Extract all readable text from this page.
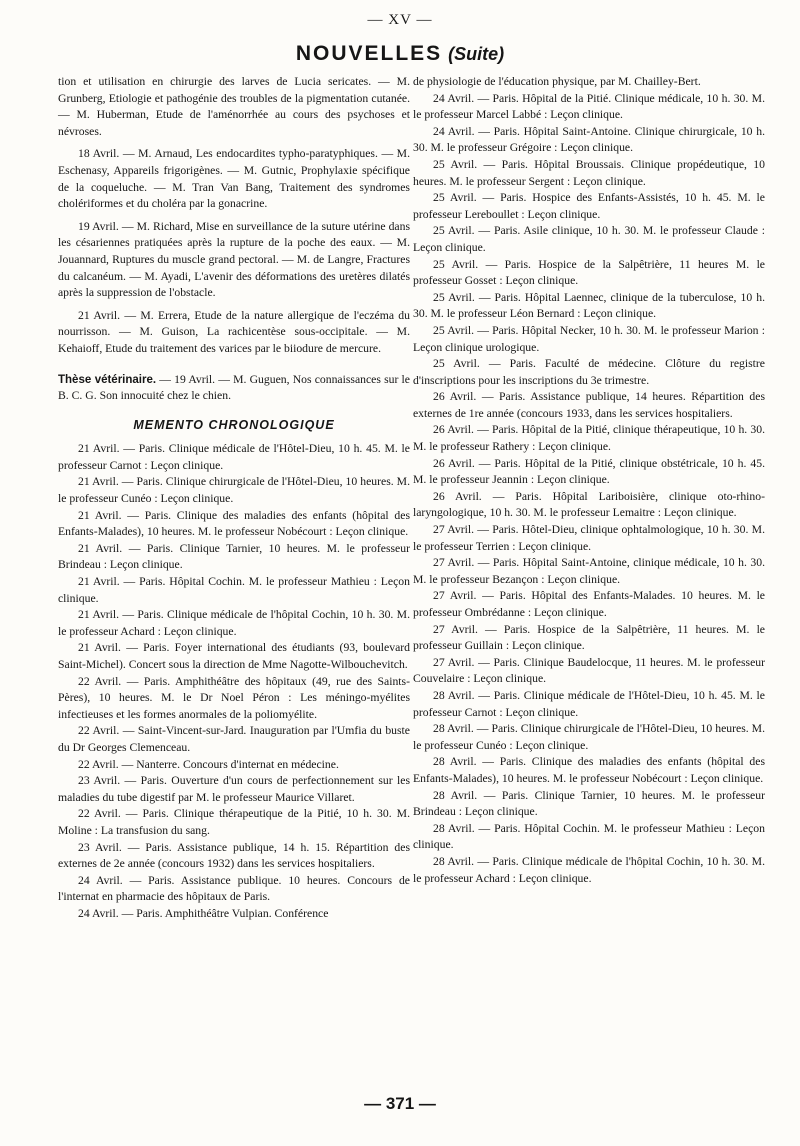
— XV —
NOUVELLES (Suite)

tion et utilisation en chirurgie des larves de Lucia sericates. — M. Grunberg, Etiologie et pathogénie des troubles de la pigmentation cutanée. — M. Huberman, Etude de l'aménorrhée au cours des psychoses et névroses.

18 Avril. — M. Arnaud, Les endocardites typho-paratyphiques. — M. Eschenasy, Appareils frigorigènes. — M. Gutnic, Prophylaxie spécifique de la coqueluche. — M. Tran Van Bang, Traitement des syndromes cholériformes et du choléra par la gonacrine.

19 Avril. — M. Richard, Mise en surveillance de la suture utérine dans les césariennes pratiquées après la rupture de la poche des eaux. — M. Jouannard, Ruptures du muscle grand pectoral. — M. de Langre, Fractures du calcanéum. — M. Ayadi, L'avenir des déformations des uretères dilatés après la suppression de l'obstacle.

21 Avril. — M. Errera, Etude de la nature allergique de l'eczéma du nourrisson. — M. Guison, La rachicentèse sous-occipitale. — M. Kehaioff, Etude du traitement des varices par le biiodure de mercure.

Thèse vétérinaire. — 19 Avril. — M. Guguen, Nos connaissances sur le B. C. G. Son innocuité chez le chien.

MEMENTO CHRONOLOGIQUE

21 Avril. — Paris. Clinique médicale de l'Hôtel-Dieu, 10 h. 45. M. le professeur Carnot : Leçon clinique.

21 Avril. — Paris. Clinique chirurgicale de l'Hôtel-Dieu, 10 heures. M. le professeur Cunéo : Leçon clinique.

21 Avril. — Paris. Clinique des maladies des enfants (hôpital des Enfants-Malades), 10 heures. M. le professeur Nobécourt : Leçon clinique.

21 Avril. — Paris. Clinique Tarnier, 10 heures. M. le professeur Brindeau : Leçon clinique.

21 Avril. — Paris. Hôpital Cochin. M. le professeur Mathieu : Leçon clinique.

21 Avril. — Paris. Clinique médicale de l'hôpital Cochin, 10 h. 30. M. le professeur Achard : Leçon clinique.

21 Avril. — Paris. Foyer international des étudiants (93, boulevard Saint-Michel). Concert sous la direction de Mme Nagotte-Wilbouchevitch.

22 Avril. — Paris. Amphithéâtre des hôpitaux (49, rue des Saints-Pères), 10 heures. M. le Dr Noel Péron : Les méningo-myélites infectieuses et les formes anormales de la poliomyélite.

22 Avril. — Saint-Vincent-sur-Jard. Inauguration par l'Umfia du buste du Dr Georges Clemenceau.

22 Avril. — Nanterre. Concours d'internat en médecine.

23 Avril. — Paris. Ouverture d'un cours de perfectionnement sur les maladies du tube digestif par M. le professeur Maurice Villaret.

22 Avril. — Paris. Clinique thérapeutique de la Pitié, 10 h. 30. M. Moline : La transfusion du sang.

23 Avril. — Paris. Assistance publique, 14 h. 15. Répartition des externes de 2e année (concours 1932) dans les services hospitaliers.

24 Avril. — Paris. Assistance publique. 10 heures. Concours de l'internat en pharmacie des hôpitaux de Paris.

24 Avril. — Paris. Amphithéâtre Vulpian. Conférence

de physiologie de l'éducation physique, par M. Chailley-Bert.

24 Avril. — Paris. Hôpital de la Pitié. Clinique médicale, 10 h. 30. M. le professeur Marcel Labbé : Leçon clinique.

24 Avril. — Paris. Hôpital Saint-Antoine. Clinique chirurgicale, 10 h. 30. M. le professeur Grégoire : Leçon clinique.

25 Avril. — Paris. Hôpital Broussais. Clinique propédeutique, 10 heures. M. le professeur Sergent : Leçon clinique.

25 Avril. — Paris. Hospice des Enfants-Assistés, 10 h. 45. M. le professeur Lereboullet : Leçon clinique.

25 Avril. — Paris. Asile clinique, 10 h. 30. M. le professeur Claude : Leçon clinique.

25 Avril. — Paris. Hospice de la Salpêtrière, 11 heures M. le professeur Gosset : Leçon clinique.

25 Avril. — Paris. Hôpital Laennec, clinique de la tuberculose, 10 h. 30. M. le professeur Léon Bernard : Leçon clinique.

25 Avril. — Paris. Hôpital Necker, 10 h. 30. M. le professeur Marion : Leçon clinique urologique.

25 Avril. — Paris. Faculté de médecine. Clôture du registre d'inscriptions pour les inscriptions du 3e trimestre.

26 Avril. — Paris. Assistance publique, 14 heures. Répartition des externes de 1re année (concours 1933, dans les services hospitaliers.

26 Avril. — Paris. Hôpital de la Pitié, clinique thérapeutique, 10 h. 30. M. le professeur Rathery : Leçon clinique.

26 Avril. — Paris. Hôpital de la Pitié, clinique obstétricale, 10 h. 45. M. le professeur Jeannin : Leçon clinique.

26 Avril. — Paris. Hôpital Lariboisière, clinique oto-rhino-laryngologique, 10 h. 30. M. le professeur Lemaitre : Leçon clinique.

27 Avril. — Paris. Hôtel-Dieu, clinique ophtalmologique, 10 h. 30. M. le professeur Terrien : Leçon clinique.

27 Avril. — Paris. Hôpital Saint-Antoine, clinique médicale, 10 h. 30. M. le professeur Bezançon : Leçon clinique.

27 Avril. — Paris. Hôpital des Enfants-Malades. 10 heures. M. le professeur Ombrédanne : Leçon clinique.

27 Avril. — Paris. Hospice de la Salpêtrière, 11 heures. M. le professeur Guillain : Leçon clinique.

27 Avril. — Paris. Clinique Baudelocque, 11 heures. M. le professeur Couvelaire : Leçon clinique.

28 Avril. — Paris. Clinique médicale de l'Hôtel-Dieu, 10 h. 45. M. le professeur Carnot : Leçon clinique.

28 Avril. — Paris. Clinique chirurgicale de l'Hôtel-Dieu, 10 heures. M. le professeur Cunéo : Leçon clinique.

28 Avril. — Paris. Clinique des maladies des enfants (hôpital des Enfants-Malades), 10 heures. M. le professeur Nobécourt : Leçon clinique.

28 Avril. — Paris. Clinique Tarnier, 10 heures. M. le professeur Brindeau : Leçon clinique.

28 Avril. — Paris. Hôpital Cochin. M. le professeur Mathieu : Leçon clinique.

28 Avril. — Paris. Clinique médicale de l'hôpital Cochin, 10 h. 30. M. le professeur Achard : Leçon clinique.

— 371 —
